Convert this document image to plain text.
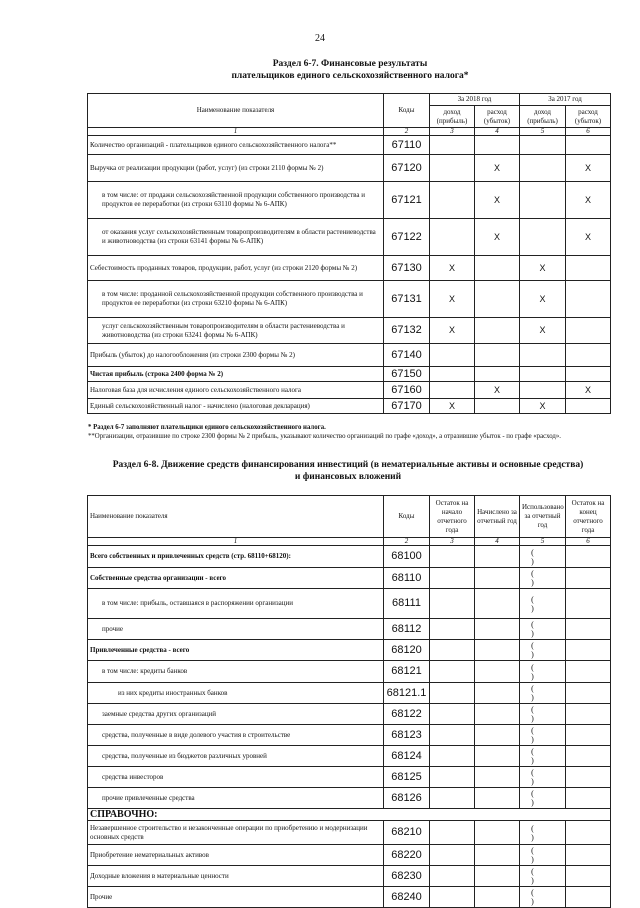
24
Раздел 6-7. Финансовые результаты
плательщиков единого сельскохозяйственного налога*
Наименование показателя	Коды	За 2018 год		За 2017 год	
		доход (прибыль)	расход (убыток)	доход (прибыль)	расход (убыток)
1	2	3	4	5	6
Количество организаций - плательщиков единого сельскохозяйственного налога**	67110				
Выручка от реализации продукции (работ, услуг) (из строки 2110 формы № 2)	67120		X		X
в том числе: от продажи сельскохозяйственной продукции собственного производства и продуктов ее переработки (из строки 63110 формы № 6-АПК)	67121		X		X
от оказания услуг сельскохозяйственным товаропроизводителям в области растениеводства и животноводства (из строки 63141 формы № 6-АПК)	67122		X		X
Себестоимость проданных товаров, продукции, работ, услуг (из строки 2120 формы № 2)	67130	X		X	
в том числе: проданной сельскохозяйственной продукции собственного производства и продуктов ее переработки (из строки 63210 формы № 6-АПК)	67131	X		X	
услуг сельскохозяйственным товаропроизводителям в области растениеводства и животноводства (из строки 63241 формы № 6-АПК)	67132	X		X	
Прибыль (убыток) до налогообложения (из строки 2300 формы № 2)	67140				
Чистая прибыль (строка 2400 форма № 2)	67150				
Налоговая база для исчисления единого сельскохозяйственного налога	67160		X		X
Единый сельскохозяйственный налог - начислено (налоговая декларация)	67170	X		X	
* Раздел 6-7 заполняют плательщики единого сельскохозяйственного налога.
**Организации, отразившие по строке 2300 формы № 2 прибыль, указывают количество организаций по графе «доход», а отразившие убыток - по графе «расход».
Раздел 6-8. Движение средств финансирования инвестиций (в нематериальные активы и основные средства)
и финансовых вложений
Наименование показателя	Коды	Остаток на начало отчетного года	Начислено за отчетный год	Использовано за отчетный год	Остаток на конец отчетного года
1	2	3	4	5	6
Всего собственных и привлеченных средств (стр. 68110+68120):	68100			( )	
Собственные средства организации - всего	68110			( )	
в том числе: прибыль, оставшаяся в распоряжении организации	68111			( )	
прочие	68112			( )	
Привлеченные средства - всего	68120			( )	
в том числе: кредиты банков	68121			( )	
из них кредиты иностранных банков	68121.1			( )	
заемные средства других организаций	68122			( )	
средства, полученные в виде долевого участия в строительстве	68123			( )	
средства, полученные из бюджетов различных уровней	68124			( )	
средства инвесторов	68125			( )	
прочие привлеченные средства	68126			( )	
СПРАВОЧНО:					
Незавершенное строительство и незаконченные операции по приобретению и модернизации основных средств	68210			( )	
Приобретение нематериальных активов	68220			( )	
Доходные вложения в материальные ценности	68230			( )	
Прочие	68240			( )	
